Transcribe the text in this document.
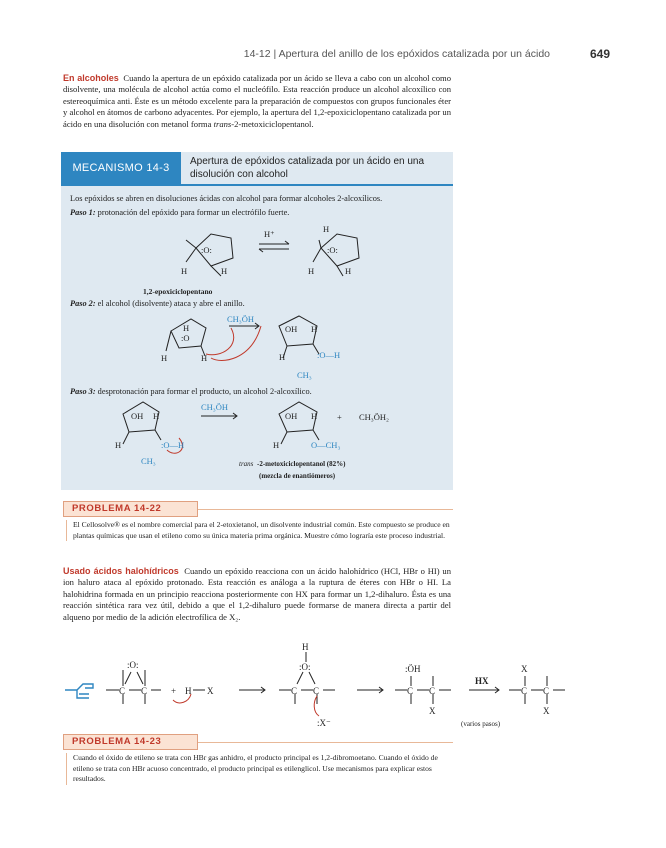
14-12 | Apertura del anillo de los epóxidos catalizada por un ácido	649
En alcoholes Cuando la apertura de un epóxido catalizada por un ácido se lleva a cabo con un alcohol como disolvente, una molécula de alcohol actúa como el nucleófilo. Esta reacción produce un alcohol alcoxílico con estereoquímica anti. Éste es un método excelente para la preparación de compuestos con grupos funcionales éter y alcohol en átomos de carbono adyacentes. Por ejemplo, la apertura del 1,2-epoxiciclopentano catalizada por un ácido en una disolución con metanol forma trans-2-metoxiciclopentanol.
MECANISMO 14-3
Apertura de epóxidos catalizada por un ácido en una disolución con alcohol
Los epóxidos se abren en disoluciones ácidas con alcohol para formar alcoholes 2-alcoxílicos.
Paso 1: protonación del epóxido para formar un electrófilo fuerte.
Paso 2: el alcohol (disolvente) ataca y abre el anillo.
Paso 3: desprotonación para formar el producto, un alcohol 2-alcoxílico.
:O:
H	H
H⁺	H
:O:
H	H
1,2-epoxiciclopentano
H
:O
H	H
CH₃ÖH
OH H
H	:O—H
CH₃
OH H
H	:O—H
CH₃
CH₃ÖH
OH H
H	O—CH₃
+ CH₃ÖH₂
trans -2-metoxiciclopentanol (82%)
(mezcla de enantiómeros)
PROBLEMA 14-22
El Cellosolve® es el nombre comercial para el 2-etoxietanol, un disolvente industrial común. Este compuesto se produce en plantas químicas que usan el etileno como su única materia prima orgánica. Muestre cómo lograría este proceso industrial.
Usado ácidos halohídricos Cuando un epóxido reacciona con un ácido halohídrico (HCl, HBr o HI) un ion haluro ataca al epóxido protonado. Esta reacción es análoga a la ruptura de éteres con HBr o HI. La halohidrina formada en un principio reacciona posteriormente con HX para formar un 1,2-dihaluro. Ésta es una reacción sintética rara vez útil, debido a que el 1,2-dihaluro puede formarse de manera directa a partir del alqueno por medio de la adición electrofílica de X₂.
:O:
C C	+ H X
H
:O:
C C
:X⁻
:ÖH
C C
X
HX
(varios pasos)
X
C C
X
PROBLEMA 14-23
Cuando el óxido de etileno se trata con HBr gas anhidro, el producto principal es 1,2-dibromoetano. Cuando el óxido de etileno se trata con HBr acuoso concentrado, el producto principal es etilenglicol. Use mecanismos para explicar estos resultados.
